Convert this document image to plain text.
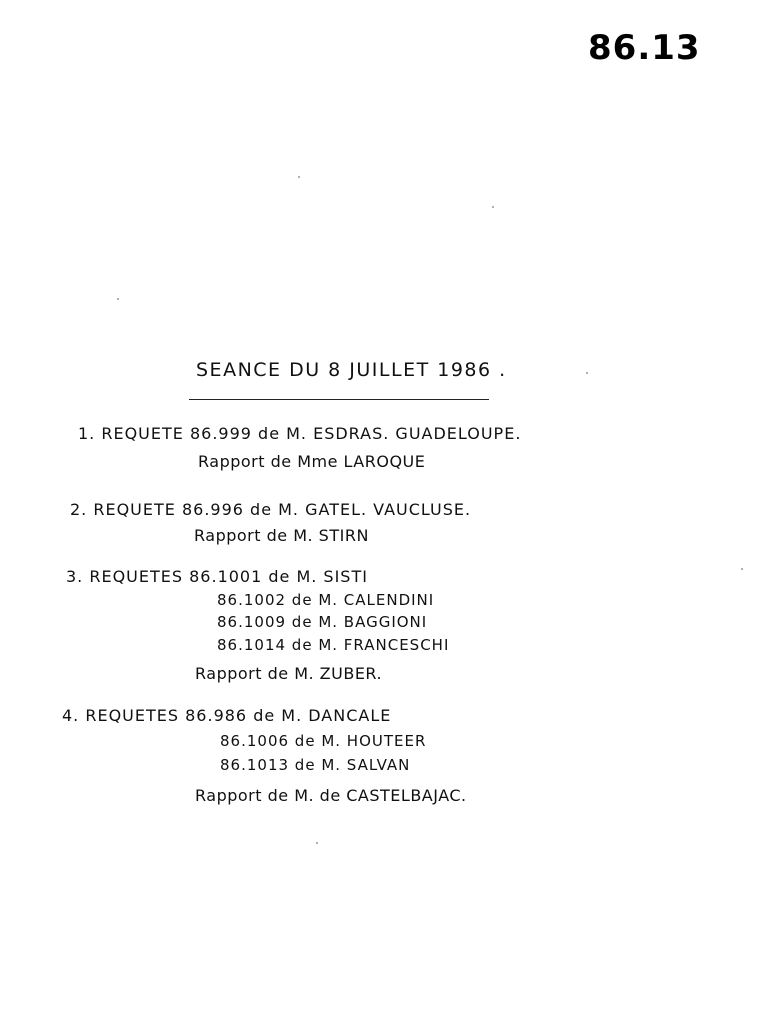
86.13
SEANCE DU 8 JUILLET 1986 .
1. REQUETE 86.999 de M. ESDRAS. GUADELOUPE.
Rapport de Mme LAROQUE
2. REQUETE 86.996 de M. GATEL. VAUCLUSE.
Rapport de M. STIRN
3. REQUETES 86.1001 de M. SISTI
86.1002 de M. CALENDINI
86.1009 de M. BAGGIONI
86.1014 de M. FRANCESCHI
Rapport de M. ZUBER.
4. REQUETES 86.986 de M. DANCALE
86.1006 de M. HOUTEER
86.1013 de M. SALVAN
Rapport de M. de CASTELBAJAC.
